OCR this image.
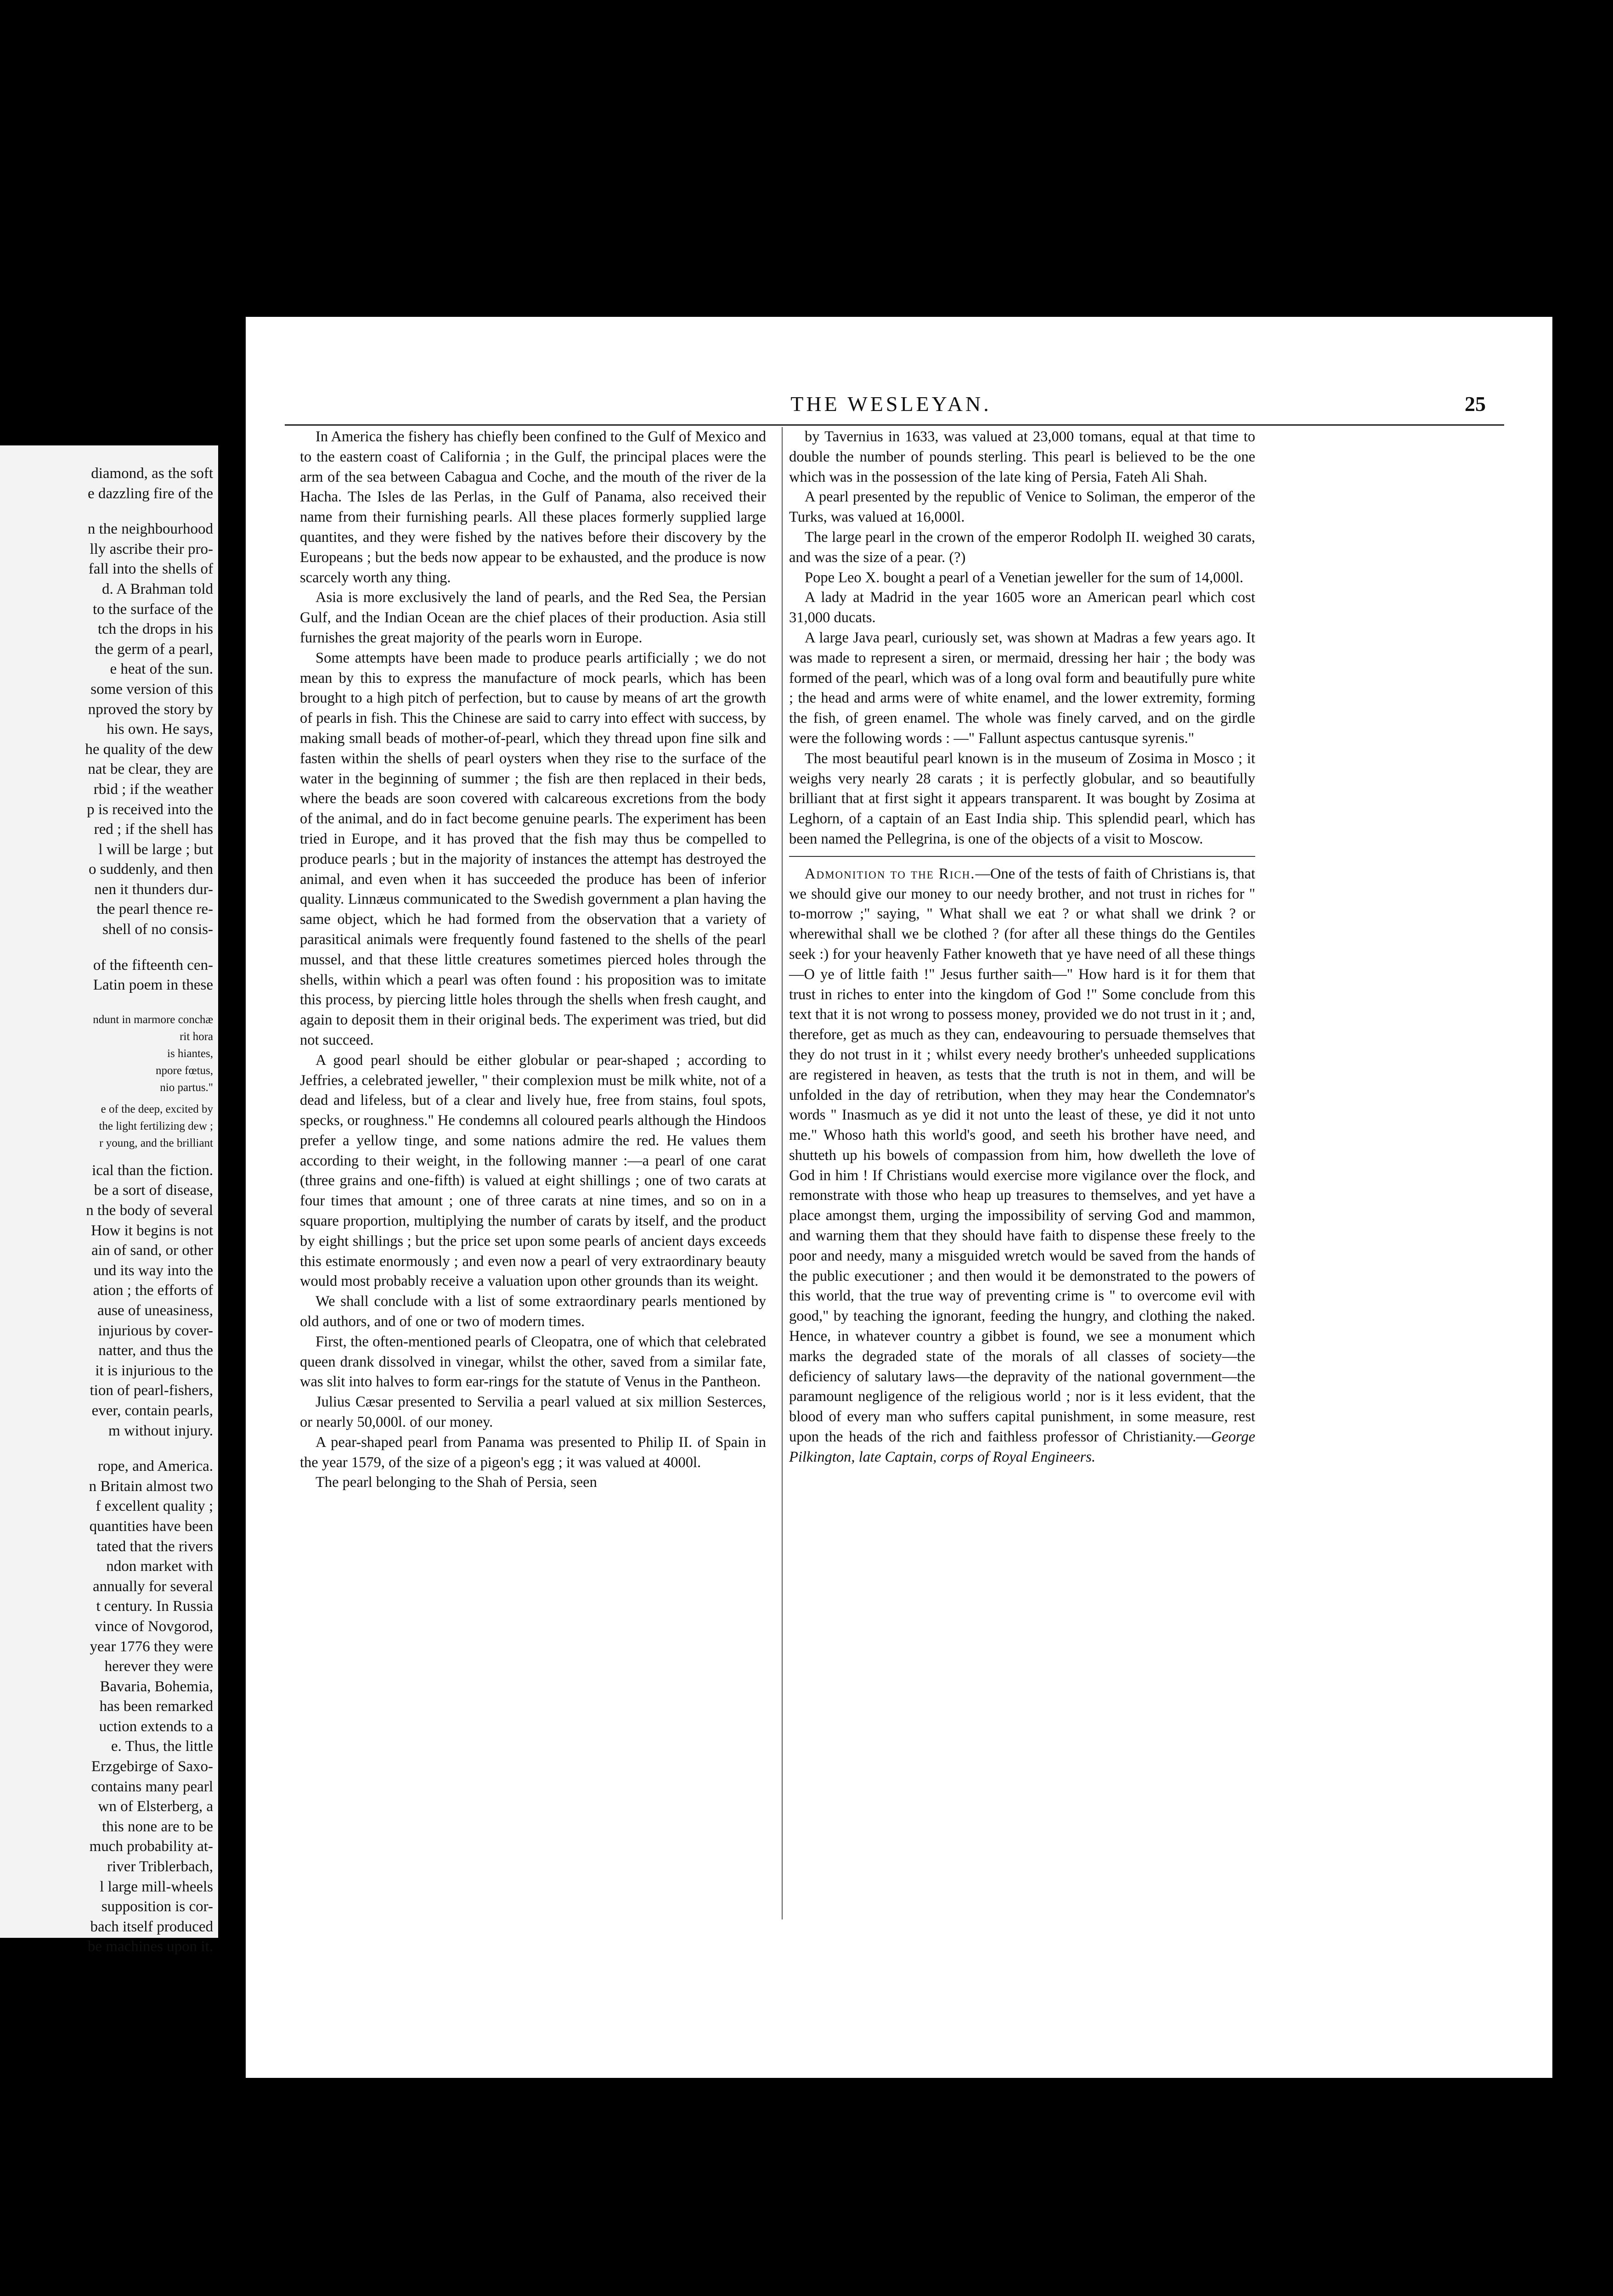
diamond, as the soft
e dazzling fire of the
n the neighbourhood
lly ascribe their pro-
fall into the shells of
d. A Brahman told
to the surface of the
tch the drops in his
the germ of a pearl,
e heat of the sun.
some version of this
nproved the story by
his own. He says,
he quality of the dew
nat be clear, they are
rbid ; if the weather
p is received into the
red ; if the shell has
l will be large ; but
o suddenly, and then
nen it thunders dur-
the pearl thence re-
shell of no consis-
of the fifteenth cen-
Latin poem in these
ndunt in marmore conchæ
rit hora
is hiantes,
npore fœtus,
nio partus."
e of the deep, excited by
the light fertilizing dew ;
r young, and the brilliant
ical than the fiction.
be a sort of disease,
n the body of several
How it begins is not
ain of sand, or other
und its way into the
ation ; the efforts of
ause of uneasiness,
injurious by cover-
natter, and thus the
it is injurious to the
tion of pearl-fishers,
ever, contain pearls,
m without injury.
rope, and America.
n Britain almost two
f excellent quality ;
quantities have been
tated that the rivers
ndon market with
annually for several
t century. In Russia
vince of Novgorod,
year 1776 they were
herever they were
Bavaria, Bohemia,
has been remarked
uction extends to a
e. Thus, the little
Erzgebirge of Saxo-
contains many pearl
wn of Elsterberg, a
this none are to be
much probability at-
river Triblerbach,
l large mill-wheels
supposition is cor-
bach itself produced
be machines upon it.
THE WESLEYAN.	25

In America the fishery has chiefly been confined to the Gulf of Mexico and to the eastern coast of California ; in the Gulf, the principal places were the arm of the sea between Cabagua and Coche, and the mouth of the river de la Hacha. The Isles de las Perlas, in the Gulf of Panama, also received their name from their furnishing pearls. All these places formerly supplied large quantites, and they were fished by the natives before their discovery by the Europeans ; but the beds now appear to be exhausted, and the produce is now scarcely worth any thing.

Asia is more exclusively the land of pearls, and the Red Sea, the Persian Gulf, and the Indian Ocean are the chief places of their production. Asia still furnishes the great majority of the pearls worn in Europe.

Some attempts have been made to produce pearls artificially ; we do not mean by this to express the manufacture of mock pearls, which has been brought to a high pitch of perfection, but to cause by means of art the growth of pearls in fish. This the Chinese are said to carry into effect with success, by making small beads of mother-of-pearl, which they thread upon fine silk and fasten within the shells of pearl oysters when they rise to the surface of the water in the beginning of summer ; the fish are then replaced in their beds, where the beads are soon covered with calcareous excretions from the body of the animal, and do in fact become genuine pearls. The experiment has been tried in Europe, and it has proved that the fish may thus be compelled to produce pearls ; but in the majority of instances the attempt has destroyed the animal, and even when it has succeeded the produce has been of inferior quality. Linnæus communicated to the Swedish government a plan having the same object, which he had formed from the observation that a variety of parasitical animals were frequently found fastened to the shells of the pearl mussel, and that these little creatures sometimes pierced holes through the shells, within which a pearl was often found : his proposition was to imitate this process, by piercing little holes through the shells when fresh caught, and again to deposit them in their original beds. The experiment was tried, but did not succeed.

A good pearl should be either globular or pear-shaped ; according to Jeffries, a celebrated jeweller, " their complexion must be milk white, not of a dead and lifeless, but of a clear and lively hue, free from stains, foul spots, specks, or roughness." He condemns all coloured pearls although the Hindoos prefer a yellow tinge, and some nations admire the red. He values them according to their weight, in the following manner :—a pearl of one carat (three grains and one-fifth) is valued at eight shillings ; one of two carats at four times that amount ; one of three carats at nine times, and so on in a square proportion, multiplying the number of carats by itself, and the product by eight shillings ; but the price set upon some pearls of ancient days exceeds this estimate enormously ; and even now a pearl of very extraordinary beauty would most probably receive a valuation upon other grounds than its weight.

We shall conclude with a list of some extraordinary pearls mentioned by old authors, and of one or two of modern times.

First, the often-mentioned pearls of Cleopatra, one of which that celebrated queen drank dissolved in vinegar, whilst the other, saved from a similar fate, was slit into halves to form ear-rings for the statute of Venus in the Pantheon.

Julius Cæsar presented to Servilia a pearl valued at six million Sesterces, or nearly 50,000l. of our money.

A pear-shaped pearl from Panama was presented to Philip II. of Spain in the year 1579, of the size of a pigeon's egg ; it was valued at 4000l.

The pearl belonging to the Shah of Persia, seen

by Tavernius in 1633, was valued at 23,000 tomans, equal at that time to double the number of pounds sterling. This pearl is believed to be the one which was in the possession of the late king of Persia, Fateh Ali Shah.

A pearl presented by the republic of Venice to Soliman, the emperor of the Turks, was valued at 16,000l.

The large pearl in the crown of the emperor Rodolph II. weighed 30 carats, and was the size of a pear. (?)

Pope Leo X. bought a pearl of a Venetian jeweller for the sum of 14,000l.

A lady at Madrid in the year 1605 wore an American pearl which cost 31,000 ducats.

A large Java pearl, curiously set, was shown at Madras a few years ago. It was made to represent a siren, or mermaid, dressing her hair ; the body was formed of the pearl, which was of a long oval form and beautifully pure white ; the head and arms were of white enamel, and the lower extremity, forming the fish, of green enamel. The whole was finely carved, and on the girdle were the following words : —" Fallunt aspectus cantusque syrenis."

The most beautiful pearl known is in the museum of Zosima in Mosco ; it weighs very nearly 28 carats ; it is perfectly globular, and so beautifully brilliant that at first sight it appears transparent. It was bought by Zosima at Leghorn, of a captain of an East India ship. This splendid pearl, which has been named the Pellegrina, is one of the objects of a visit to Moscow.

Admonition to the Rich.—One of the tests of faith of Christians is, that we should give our money to our needy brother, and not trust in riches for " to-morrow ;" saying, " What shall we eat ? or what shall we drink ? or wherewithal shall we be clothed ? (for after all these things do the Gentiles seek :) for your heavenly Father knoweth that ye have need of all these things—O ye of little faith !" Jesus further saith—" How hard is it for them that trust in riches to enter into the kingdom of God !" Some conclude from this text that it is not wrong to possess money, provided we do not trust in it ; and, therefore, get as much as they can, endeavouring to persuade themselves that they do not trust in it ; whilst every needy brother's unheeded supplications are registered in heaven, as tests that the truth is not in them, and will be unfolded in the day of retribution, when they may hear the Condemnator's words " Inasmuch as ye did it not unto the least of these, ye did it not unto me." Whoso hath this world's good, and seeth his brother have need, and shutteth up his bowels of compassion from him, how dwelleth the love of God in him ! If Christians would exercise more vigilance over the flock, and remonstrate with those who heap up treasures to themselves, and yet have a place amongst them, urging the impossibility of serving God and mammon, and warning them that they should have faith to dispense these freely to the poor and needy, many a misguided wretch would be saved from the hands of the public executioner ; and then would it be demonstrated to the powers of this world, that the true way of preventing crime is " to overcome evil with good," by teaching the ignorant, feeding the hungry, and clothing the naked. Hence, in whatever country a gibbet is found, we see a monument which marks the degraded state of the morals of all classes of society—the deficiency of salutary laws—the depravity of the national government—the paramount negligence of the religious world ; nor is it less evident, that the blood of every man who suffers capital punishment, in some measure, rest upon the heads of the rich and faithless professor of Christianity.—George Pilkington, late Captain, corps of Royal Engineers.
